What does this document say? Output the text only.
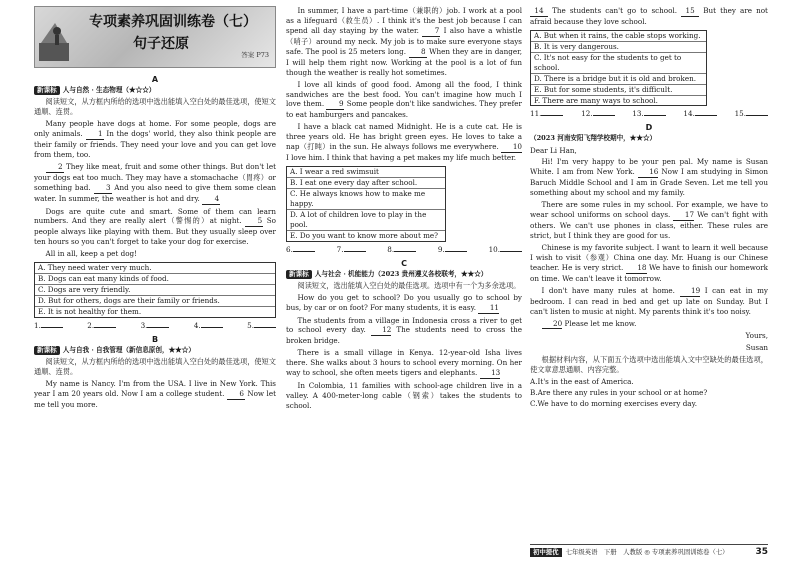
专项素养巩固训练卷（七）
句子还原
答案 P73
A
新课标 人与自然 · 生态物理（★☆☆）

阅读短文，从方框内所给的选项中选出能填入空白处的最佳选项，使短文通顺、连贯。

Many people have dogs at home. For some people, dogs are only animals. 1 In the dogs' world, they also think people are their family or friends. They need your love and you can get love from them, too.

2 They like meat, fruit and some other things. But don't let your dogs eat too much. They may have a stomachache（胃疼）or something bad. 3 And you also need to give them some clean water. In summer, the weather is hot and dry. 4

Dogs are quite cute and smart. Some of them can learn numbers. And they are really alert（警惕的）at night. 5 So people always like playing with them. But they usually sleep over ten hours so you can't forget to take your dog for exercise.

All in all, keep a pet dog!

A. They need water very much.
B. Dogs can eat many kinds of food.
C. Dogs are very friendly.
D. But for others, dogs are their family or friends.
E. It is not healthy for them.
1.	2.	3.	4.	5.
B
新课标 人与自我 · 自我管理（新信息原创，★★☆）

阅读短文，从方框内所给的选项中选出能填入空白处的最佳选项，使短文通顺、连贯。

My name is Nancy. I'm from the USA. I live in New York. This year I am 20 years old. Now I am a college student. 6 Now let me tell you more.

In summer, I have a part-time（兼职的）job. I work at a pool as a lifeguard（救生员）. I think it's the best job because I can spend all day staying by the water. 7 I also have a whistle（哨子）around my neck. My job is to make sure everyone stays safe. The pool is 25 meters long. 8 When they are in danger, I will help them right now. Working at the pool is a lot of fun though the weather is really hot sometimes.

I love all kinds of good food. Among all the food, I think sandwiches are the best food. You can't imagine how much I love them. 9 Some people don't like sandwiches. They prefer to eat hamburgers and pancakes.

I have a black cat named Midnight. He is a cute cat. He is three years old. He has bright green eyes. He loves to take a nap（打盹）in the sun. He always follows me everywhere. 10 I love him. I think that having a pet makes my life much better.

A. I wear a red swimsuit
B. I eat one every day after school.
C. He always knows how to make me happy.
D. A lot of children love to play in the pool.
E. Do you want to know more about me?
6.	7.	8.	9.	10.
C
新课标 人与社会 · 机能能力（2023 贵州遵义各校联考，★★☆）

阅读短文，选出能填入空白处的最佳选项。选项中有一个为多余选项。

How do you get to school? Do you usually go to school by bus, by car or on foot? For many students, it is easy. 11

The students from a village in Indonesia cross a river to get to school every day. 12 The students need to cross the broken bridge.

There is a small village in Kenya. 12-year-old Isha lives there. She walks about 3 hours to school every morning. On her way to school, she often meets tigers and elephants. 13

In Colombia, 11 families with school-age children live in a valley. A 400-meter-long cable（钢索）takes the students to school.

14 The students can't go to school. 15 But they are not afraid because they love school.

A. But when it rains, the cable stops working.
B. It is very dangerous.
C. It's not easy for the students to get to school.
D. There is a bridge but it is old and broken.
E. But for some students, it's difficult.
F. There are many ways to school.
11.	12.	13.	14.	15.
D
（2023 河南安阳飞翔学校期中，★★☆）

Dear Li Han,

Hi! I'm very happy to be your pen pal. My name is Susan White. I am from New York. 16 Now I am studying in Simon Baruch Middle School and I am in Grade Seven. Let me tell you something about my school and my family.

There are some rules in my school. For example, we have to wear school uniforms on school days. 17 We can't fight with others. We can't use phones in class, either. These rules are strict, but I think they are good for us.

Chinese is my favorite subject. I want to learn it well because I wish to visit（参观）China one day. Mr. Huang is our Chinese teacher. He is very strict. 18 We have to finish our homework on time. We can't leave it tomorrow.

I don't have many rules at home. 19 I can eat in my bedroom. I can read in bed and get up late on Sunday. But I can't listen to music at night. My parents think it's too noisy.

20 Please let me know.

Yours,

Susan

根据材料内容，从下面五个选项中选出能填入文中空缺处的最佳选项，使文章意思通顺、内容完整。

A.It's in the east of America.

B.Are there any rules in your school or at home?

C.We have to do morning exercises every day.

初中提优	七年级英语　下册　人教版 ◎ 专项素养巩固训练卷（七）	35
